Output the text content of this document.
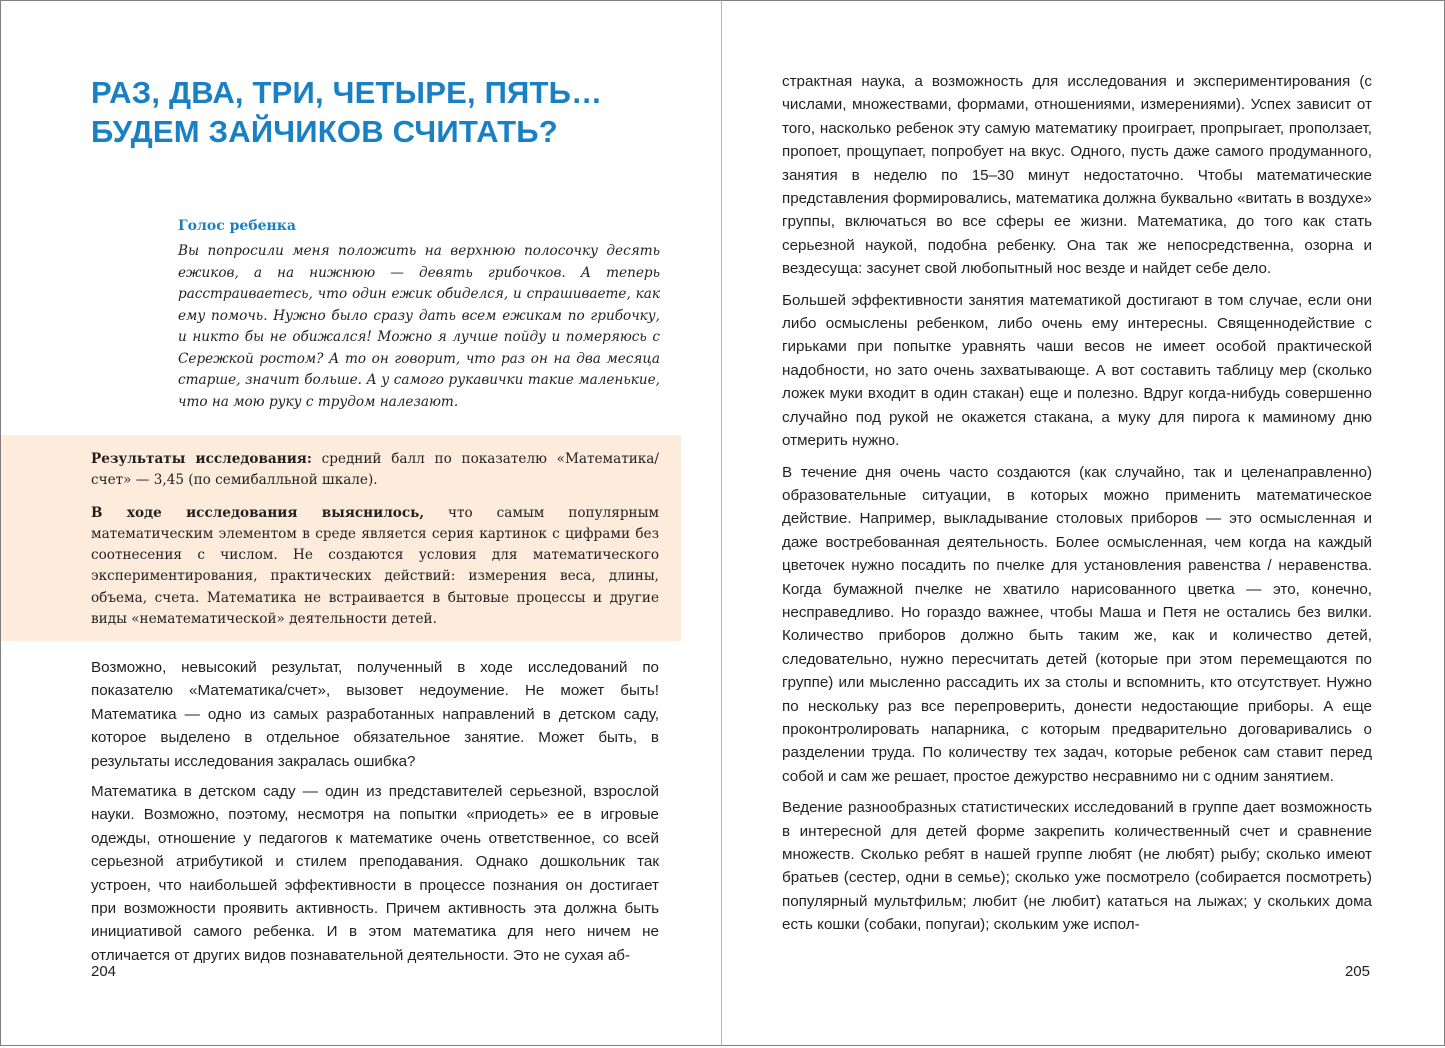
РАЗ, ДВА, ТРИ, ЧЕТЫРЕ, ПЯТЬ…
БУДЕМ ЗАЙЧИКОВ СЧИТАТЬ?

Голос ребенка

Вы попросили меня положить на верхнюю полосочку десять ежиков, а на нижнюю — девять грибочков. А теперь расстраиваетесь, что один ежик обиделся, и спрашиваете, как ему помочь. Нужно было сразу дать всем ежикам по грибочку, и никто бы не обижался! Можно я лучше пойду и померяюсь с Сережкой ростом? А то он говорит, что раз он на два месяца старше, значит больше. А у самого рукавички такие маленькие, что на мою руку с трудом налезают.

Результаты исследования: средний балл по показателю «Математика/счет» — 3,45 (по семибалльной шкале).

В ходе исследования выяснилось, что самым популярным математическим элементом в среде является серия картинок с цифрами без соотнесения с числом. Не создаются условия для математического экспериментирования, практических действий: измерения веса, длины, объема, счета. Математика не встраивается в бытовые процессы и другие виды «нематематической» деятельности детей.

Возможно, невысокий результат, полученный в ходе исследований по показателю «Математика/счет», вызовет недоумение. Не может быть! Математика — одно из самых разработанных направлений в детском саду, которое выделено в отдельное обязательное занятие. Может быть, в результаты исследования закралась ошибка?

Математика в детском саду — один из представителей серьезной, взрослой науки. Возможно, поэтому, несмотря на попытки «приодеть» ее в игровые одежды, отношение у педагогов к математике очень ответственное, со всей серьезной атрибутикой и стилем преподавания. Однако дошкольник так устроен, что наибольшей эффективности в процессе познания он достигает при возможности проявить активность. Причем активность эта должна быть инициативой самого ребенка. И в этом математика для него ничем не отличается от других видов познавательной деятельности. Это не сухая аб-

204

страктная наука, а возможность для исследования и экспериментирования (с числами, множествами, формами, отношениями, измерениями). Успех зависит от того, насколько ребенок эту самую математику проиграет, пропрыгает, проползает, пропоет, прощупает, попробует на вкус. Одного, пусть даже самого продуманного, занятия в неделю по 15–30 минут недостаточно. Чтобы математические представления формировались, математика должна буквально «витать в воздухе» группы, включаться во все сферы ее жизни. Математика, до того как стать серьезной наукой, подобна ребенку. Она так же непосредственна, озорна и вездесуща: засунет свой любопытный нос везде и найдет себе дело.

Большей эффективности занятия математикой достигают в том случае, если они либо осмыслены ребенком, либо очень ему интересны. Священнодействие с гирьками при попытке уравнять чаши весов не имеет особой практической надобности, но зато очень захватывающе. А вот составить таблицу мер (сколько ложек муки входит в один стакан) еще и полезно. Вдруг когда-нибудь совершенно случайно под рукой не окажется стакана, а муку для пирога к маминому дню отмерить нужно.

В течение дня очень часто создаются (как случайно, так и целенаправленно) образовательные ситуации, в которых можно применить математическое действие. Например, выкладывание столовых приборов — это осмысленная и даже востребованная деятельность. Более осмысленная, чем когда на каждый цветочек нужно посадить по пчелке для установления равенства / неравенства. Когда бумажной пчелке не хватило нарисованного цветка — это, конечно, несправедливо. Но гораздо важнее, чтобы Маша и Петя не остались без вилки. Количество приборов должно быть таким же, как и количество детей, следовательно, нужно пересчитать детей (которые при этом перемещаются по группе) или мысленно рассадить их за столы и вспомнить, кто отсутствует. Нужно по нескольку раз все перепроверить, донести недостающие приборы. А еще проконтролировать напарника, с которым предварительно договаривались о разделении труда. По количеству тех задач, которые ребенок сам ставит перед собой и сам же решает, простое дежурство несравнимо ни с одним занятием.

Ведение разнообразных статистических исследований в группе дает возможность в интересной для детей форме закрепить количественный счет и сравнение множеств. Сколько ребят в нашей группе любят (не любят) рыбу; сколько имеют братьев (сестер, одни в семье); сколько уже посмотрело (собирается посмотреть) популярный мультфильм; любит (не любит) кататься на лыжах; у скольких дома есть кошки (собаки, попугаи); скольким уже испол-

205
